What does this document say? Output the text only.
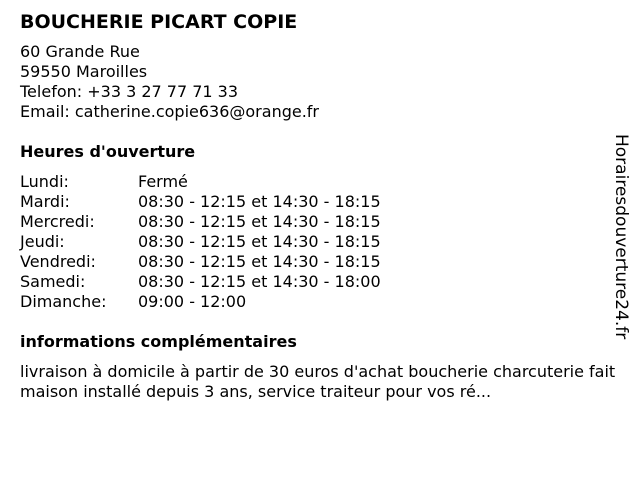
BOUCHERIE PICART COPIE
60 Grande Rue
59550 Maroilles
Telefon: +33 3 27 77 71 33
Email: catherine.copie636@orange.fr
Heures d'ouverture
Lundi:	Fermé
Mardi:	08:30 - 12:15 et 14:30 - 18:15
Mercredi:	08:30 - 12:15 et 14:30 - 18:15
Jeudi:	08:30 - 12:15 et 14:30 - 18:15
Vendredi:	08:30 - 12:15 et 14:30 - 18:15
Samedi:	08:30 - 12:15 et 14:30 - 18:00
Dimanche:	09:00 - 12:00
informations complémentaires
livraison à domicile à partir de 30 euros d'achat boucherie charcuterie fait maison installé depuis 3 ans, service traiteur pour vos ré...
Horairesdouverture24.fr
